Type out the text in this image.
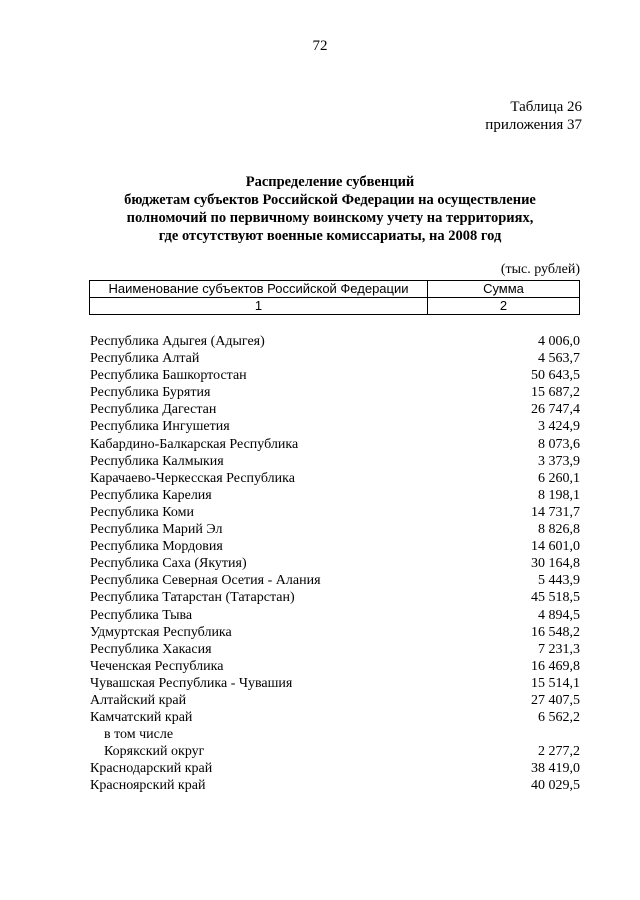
72
Таблица 26
приложения 37
Распределение субвенций
бюджетам субъектов Российской Федерации на осуществление
полномочий по первичному воинскому учету на территориях,
где отсутствуют военные комиссариаты, на 2008 год
(тыс. рублей)
Наименование субъектов Российской Федерации	Сумма
1	2
Республика Адыгея (Адыгея)	4 006,0
Республика Алтай	4 563,7
Республика Башкортостан	50 643,5
Республика Бурятия	15 687,2
Республика Дагестан	26 747,4
Республика Ингушетия	3 424,9
Кабардино-Балкарская Республика	8 073,6
Республика Калмыкия	3 373,9
Карачаево-Черкесская Республика	6 260,1
Республика Карелия	8 198,1
Республика Коми	14 731,7
Республика Марий Эл	8 826,8
Республика Мордовия	14 601,0
Республика Саха (Якутия)	30 164,8
Республика Северная Осетия - Алания	5 443,9
Республика Татарстан (Татарстан)	45 518,5
Республика Тыва	4 894,5
Удмуртская Республика	16 548,2
Республика Хакасия	7 231,3
Чеченская Республика	16 469,8
Чувашская Республика - Чувашия	15 514,1
Алтайский край	27 407,5
Камчатский край	6 562,2
в том числе
Корякский округ	2 277,2
Краснодарский край	38 419,0
Красноярский край	40 029,5
